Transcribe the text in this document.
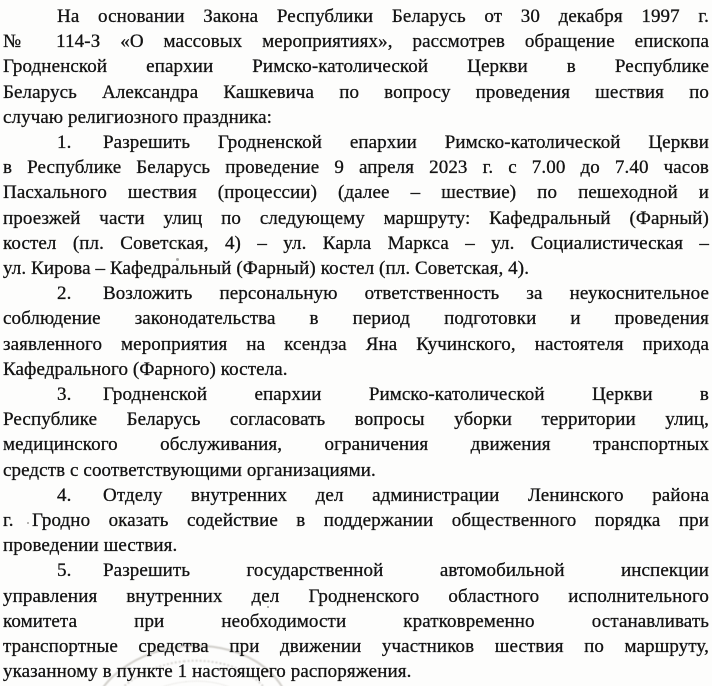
На основании Закона Республики Беларусь от 30 декабря 1997 г.
№ 114-З «О массовых мероприятиях», рассмотрев обращение епископа
Гродненской епархии Римско-католической Церкви в Республике
Беларусь Александра Кашкевича по вопросу проведения шествия по
случаю религиозного праздника:
1. Разрешить Гродненской епархии Римско-католической Церкви
в Республике Беларусь проведение 9 апреля 2023 г. с 7.00 до 7.40 часов
Пасхального шествия (процессии) (далее – шествие) по пешеходной и
проезжей части улиц по следующему маршруту: Кафедральный (Фарный)
костел (пл. Советская, 4) – ул. Карла Маркса – ул. Социалистическая –
ул. Кирова – Кафедральный (Фарный) костел (пл. Советская, 4).
2. Возложить персональную ответственность за неукоснительное
соблюдение законодательства в период подготовки и проведения
заявленного мероприятия на ксендза Яна Кучинского, настоятеля прихода
Кафедрального (Фарного) костела.
3. Гродненской епархии Римско-католической Церкви в
Республике Беларусь согласовать вопросы уборки территории улиц,
медицинского обслуживания, ограничения движения транспортных
средств с соответствующими организациями.
4. Отделу внутренних дел администрации Ленинского района
г. Гродно оказать содействие в поддержании общественного порядка при
проведении шествия.
5. Разрешить государственной автомобильной инспекции
управления внутренних дел Гродненского областного исполнительного
комитета при необходимости кратковременно останавливать
транспортные средства при движении участников шествия по маршруту,
указанному в пункте 1 настоящего распоряжения.
